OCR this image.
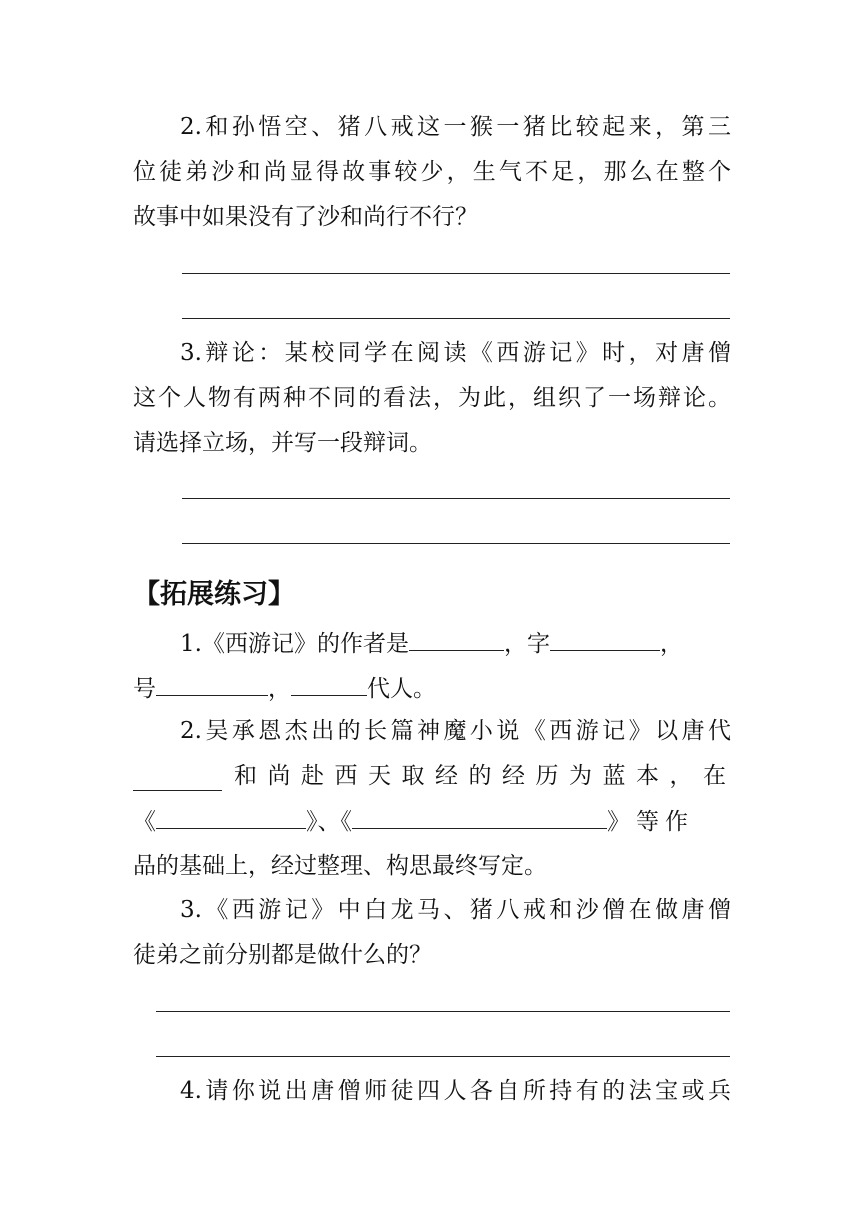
2.和孙悟空、猪八戒这一猴一猪比较起来，第三
位徒弟沙和尚显得故事较少，生气不足，那么在整个
故事中如果没有了沙和尚行不行？
3.辩论：某校同学在阅读《西游记》时，对唐僧
这个人物有两种不同的看法，为此，组织了一场辩论。
请选择立场，并写一段辩词。
【拓展练习】
1.《西游记》的作者是	，字	，
号	，	代人。
2.吴承恩杰出的长篇神魔小说《西游记》以唐代
和尚赴西天取经的经历为蓝本，在
《	》、《	》等作
品的基础上，经过整理、构思最终写定。
3.《西游记》中白龙马、猪八戒和沙僧在做唐僧
徒弟之前分别都是做什么的？
4.请你说出唐僧师徒四人各自所持有的法宝或兵
